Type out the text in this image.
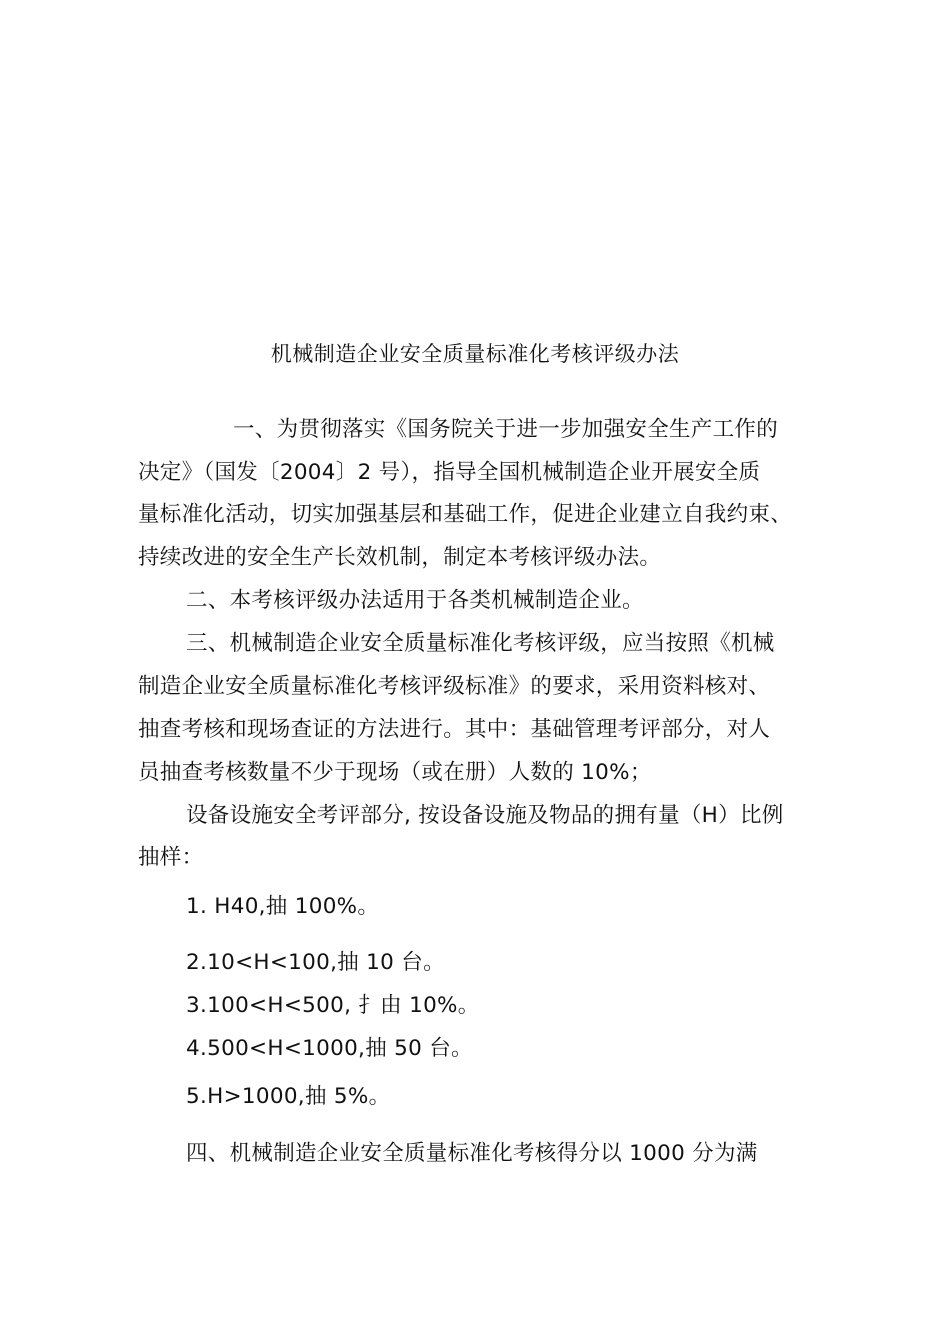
机械制造企业安全质量标准化考核评级办法
一、为贯彻落实《国务院关于进一步加强安全生产工作的
决定》（国发〔2004〕2 号），指导全国机械制造企业开展安全质
量标准化活动，切实加强基层和基础工作，促进企业建立自我约束、
持续改进的安全生产长效机制，制定本考核评级办法。
二、本考核评级办法适用于各类机械制造企业。
三、机械制造企业安全质量标准化考核评级，应当按照《机械
制造企业安全质量标准化考核评级标准》的要求，采用资料核对、
抽查考核和现场查证的方法进行。其中：基础管理考评部分，对人
员抽查考核数量不少于现场（或在册）人数的 10%；
设备设施安全考评部分, 按设备设施及物品的拥有量（H）比例
抽样：
1. H40,抽 100%。
2.10<H<100,抽 10 台。
3.100<H<500, 扌由 10%。
4.500<H<1000,抽 50 台。
5.H>1000,抽 5%。
四、机械制造企业安全质量标准化考核得分以 1000 分为满
